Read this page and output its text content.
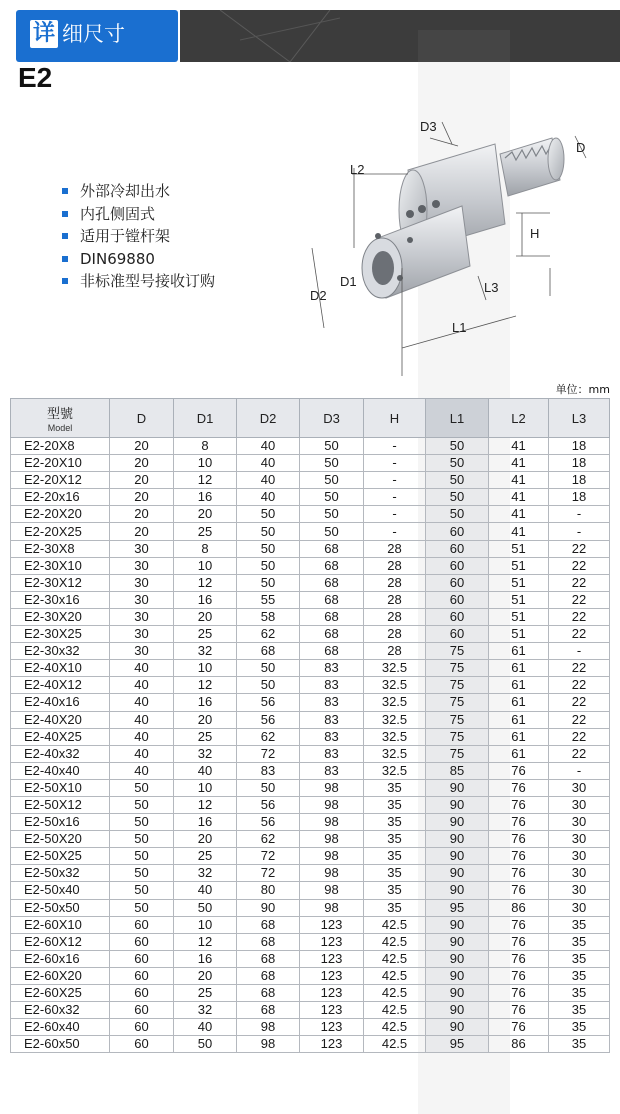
详 细尺寸
E2
外部冷却出水
内孔侧固式
适用于镗杆架
DIN69880
非标准型号接收订购
D3
D
L2
H
D1
D2
L3
L1
单位：mm
型號
Model	D	D1	D2	D3	H	L1	L2	L3
E2-20X8	20	8	40	50	-	50	41	18
E2-20X10	20	10	40	50	-	50	41	18
E2-20X12	20	12	40	50	-	50	41	18
E2-20x16	20	16	40	50	-	50	41	18
E2-20X20	20	20	50	50	-	50	41	-
E2-20X25	20	25	50	50	-	60	41	-
E2-30X8	30	8	50	68	28	60	51	22
E2-30X10	30	10	50	68	28	60	51	22
E2-30X12	30	12	50	68	28	60	51	22
E2-30x16	30	16	55	68	28	60	51	22
E2-30X20	30	20	58	68	28	60	51	22
E2-30X25	30	25	62	68	28	60	51	22
E2-30x32	30	32	68	68	28	75	61	-
E2-40X10	40	10	50	83	32.5	75	61	22
E2-40X12	40	12	50	83	32.5	75	61	22
E2-40x16	40	16	56	83	32.5	75	61	22
E2-40X20	40	20	56	83	32.5	75	61	22
E2-40X25	40	25	62	83	32.5	75	61	22
E2-40x32	40	32	72	83	32.5	75	61	22
E2-40x40	40	40	83	83	32.5	85	76	-
E2-50X10	50	10	50	98	35	90	76	30
E2-50X12	50	12	56	98	35	90	76	30
E2-50x16	50	16	56	98	35	90	76	30
E2-50X20	50	20	62	98	35	90	76	30
E2-50X25	50	25	72	98	35	90	76	30
E2-50x32	50	32	72	98	35	90	76	30
E2-50x40	50	40	80	98	35	90	76	30
E2-50x50	50	50	90	98	35	95	86	30
E2-60X10	60	10	68	123	42.5	90	76	35
E2-60X12	60	12	68	123	42.5	90	76	35
E2-60x16	60	16	68	123	42.5	90	76	35
E2-60X20	60	20	68	123	42.5	90	76	35
E2-60X25	60	25	68	123	42.5	90	76	35
E2-60x32	60	32	68	123	42.5	90	76	35
E2-60x40	60	40	98	123	42.5	90	76	35
E2-60x50	60	50	98	123	42.5	95	86	35
